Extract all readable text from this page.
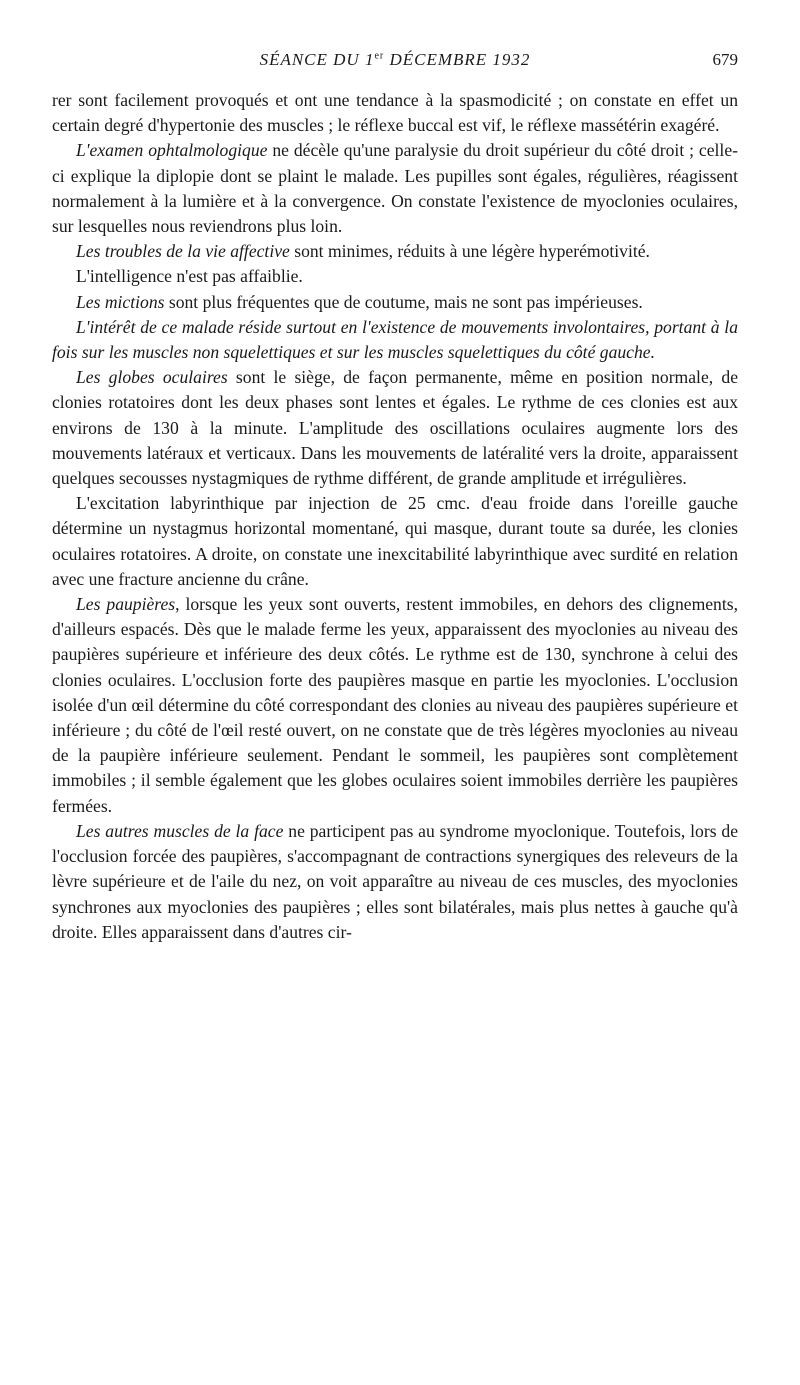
SÉANCE DU 1er DÉCEMBRE 1932	679

rer sont facilement provoqués et ont une tendance à la spasmodicité ; on constate en effet un certain degré d'hypertonie des muscles ; le réflexe buccal est vif, le réflexe massétérin exagéré.

L'examen ophtalmologique ne décèle qu'une paralysie du droit supérieur du côté droit ; celle-ci explique la diplopie dont se plaint le malade. Les pupilles sont égales, régulières, réagissent normalement à la lumière et à la convergence. On constate l'existence de myoclonies oculaires, sur lesquelles nous reviendrons plus loin.

Les troubles de la vie affective sont minimes, réduits à une légère hyperémotivité.

L'intelligence n'est pas affaiblie.

Les mictions sont plus fréquentes que de coutume, mais ne sont pas impérieuses.

L'intérêt de ce malade réside surtout en l'existence de mouvements involontaires, portant à la fois sur les muscles non squelettiques et sur les muscles squelettiques du côté gauche.

Les globes oculaires sont le siège, de façon permanente, même en position normale, de clonies rotatoires dont les deux phases sont lentes et égales. Le rythme de ces clonies est aux environs de 130 à la minute. L'amplitude des oscillations oculaires augmente lors des mouvements latéraux et verticaux. Dans les mouvements de latéralité vers la droite, apparaissent quelques secousses nystagmiques de rythme différent, de grande amplitude et irrégulières.

L'excitation labyrinthique par injection de 25 cmc. d'eau froide dans l'oreille gauche détermine un nystagmus horizontal momentané, qui masque, durant toute sa durée, les clonies oculaires rotatoires. A droite, on constate une inexcitabilité labyrinthique avec surdité en relation avec une fracture ancienne du crâne.

Les paupières, lorsque les yeux sont ouverts, restent immobiles, en dehors des clignements, d'ailleurs espacés. Dès que le malade ferme les yeux, apparaissent des myoclonies au niveau des paupières supérieure et inférieure des deux côtés. Le rythme est de 130, synchrone à celui des clonies oculaires. L'occlusion forte des paupières masque en partie les myoclonies. L'occlusion isolée d'un œil détermine du côté correspondant des clonies au niveau des paupières supérieure et inférieure ; du côté de l'œil resté ouvert, on ne constate que de très légères myoclonies au niveau de la paupière inférieure seulement. Pendant le sommeil, les paupières sont complètement immobiles ; il semble également que les globes oculaires soient immobiles derrière les paupières fermées.

Les autres muscles de la face ne participent pas au syndrome myoclonique. Toutefois, lors de l'occlusion forcée des paupières, s'accompagnant de contractions synergiques des releveurs de la lèvre supérieure et de l'aile du nez, on voit apparaître au niveau de ces muscles, des myoclonies synchrones aux myoclonies des paupières ; elles sont bilatérales, mais plus nettes à gauche qu'à droite. Elles apparaissent dans d'autres cir-
